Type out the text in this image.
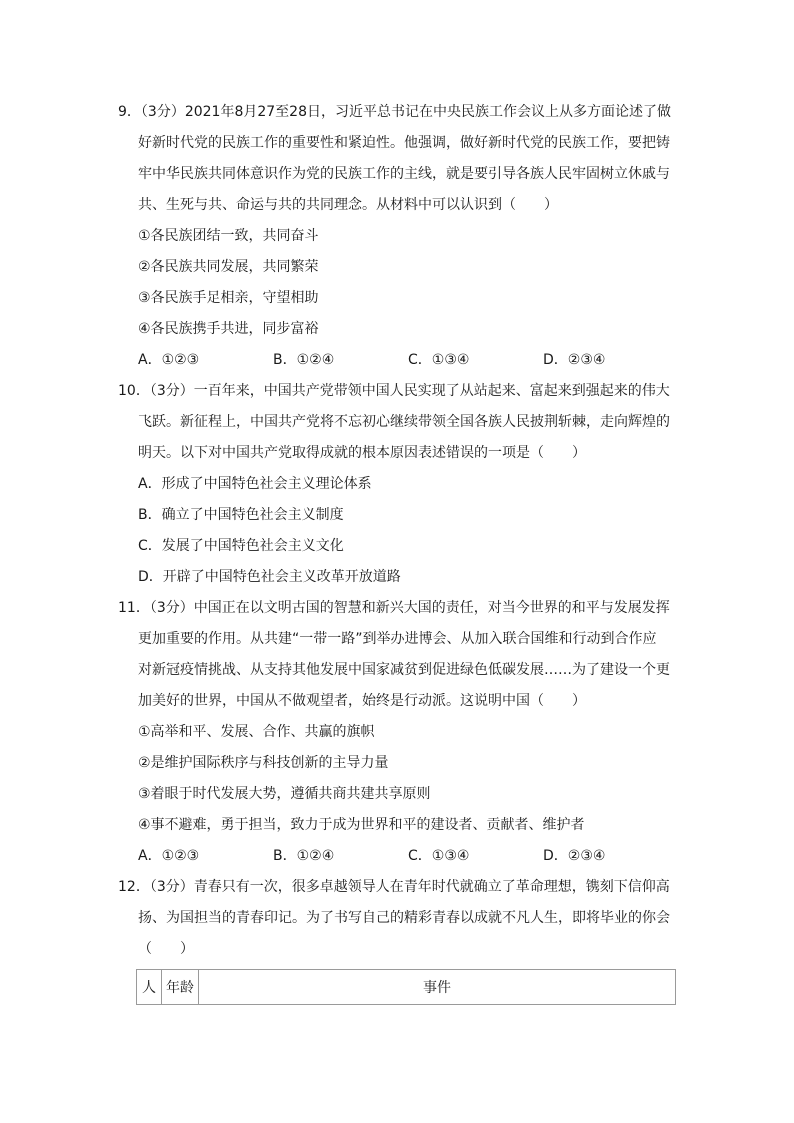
9．（3分）2021年8月27至28日，习近平总书记在中央民族工作会议上从多方面论述了做
好新时代党的民族工作的重要性和紧迫性。他强调，做好新时代党的民族工作，要把铸
牢中华民族共同体意识作为党的民族工作的主线，就是要引导各族人民牢固树立休戚与
共、生死与共、命运与共的共同理念。从材料中可以认识到（　　）
①各民族团结一致，共同奋斗
②各民族共同发展，共同繁荣
③各民族手足相亲，守望相助
④各民族携手共进，同步富裕
A．①②③	B．①②④	C．①③④	D．②③④
10．（3分）一百年来，中国共产党带领中国人民实现了从站起来、富起来到强起来的伟大
飞跃。新征程上，中国共产党将不忘初心继续带领全国各族人民披荆斩棘，走向辉煌的
明天。以下对中国共产党取得成就的根本原因表述错误的一项是（　　）
A．形成了中国特色社会主义理论体系
B．确立了中国特色社会主义制度
C．发展了中国特色社会主义文化
D．开辟了中国特色社会主义改革开放道路
11．（3分）中国正在以文明古国的智慧和新兴大国的责任，对当今世界的和平与发展发挥
更加重要的作用。从共建“一带一路”到举办进博会、从加入联合国维和行动到合作应
对新冠疫情挑战、从支持其他发展中国家减贫到促进绿色低碳发展……为了建设一个更
加美好的世界，中国从不做观望者，始终是行动派。这说明中国（　　）
①高举和平、发展、合作、共赢的旗帜
②是维护国际秩序与科技创新的主导力量
③着眼于时代发展大势，遵循共商共建共享原则
④事不避难，勇于担当，致力于成为世界和平的建设者、贡献者、维护者
A．①②③	B．①②④	C．①③④	D．②③④
12．（3分）青春只有一次，很多卓越领导人在青年时代就确立了革命理想，镌刻下信仰高
扬、为国担当的青春印记。为了书写自己的精彩青春以成就不凡人生，即将毕业的你会
（　　）
人	年龄	事件
